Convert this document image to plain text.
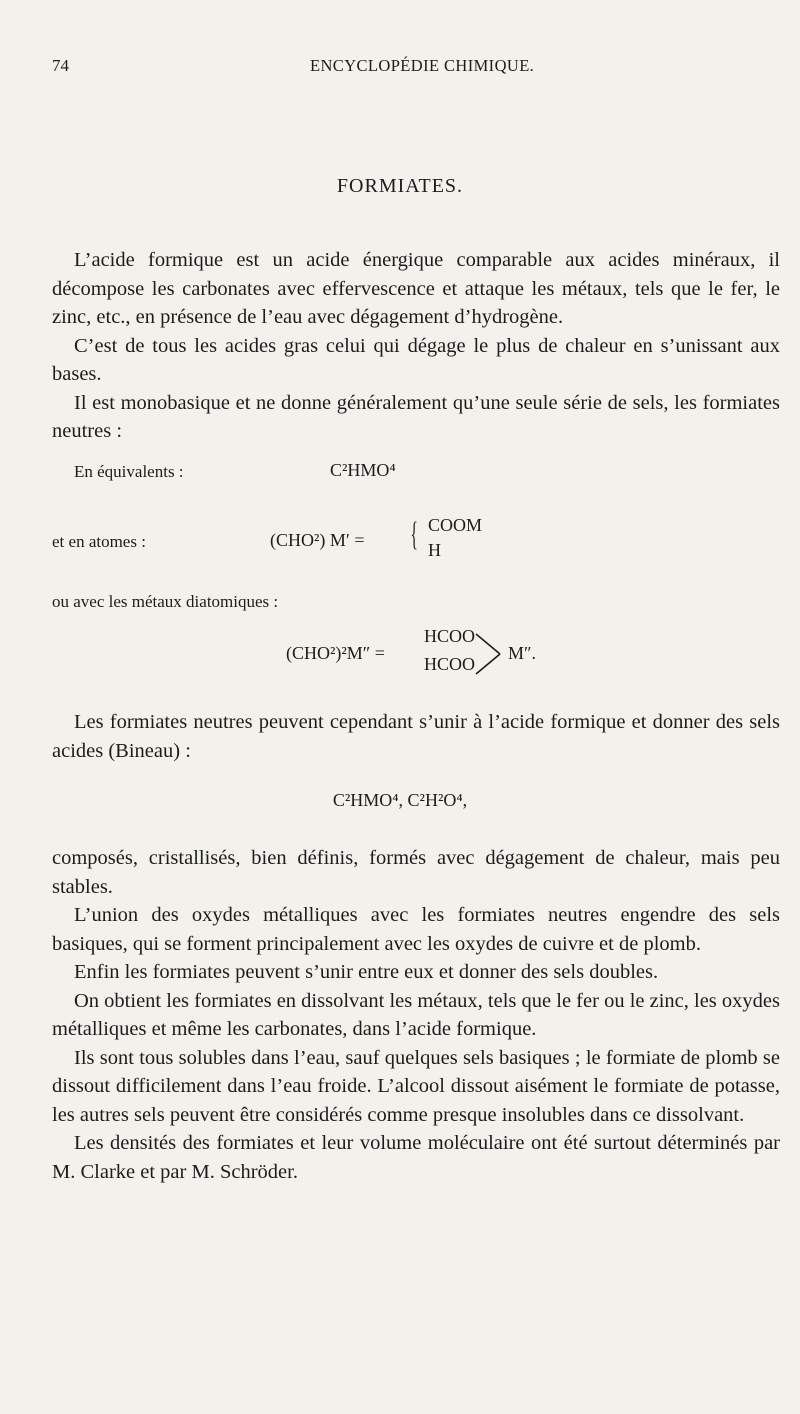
74	ENCYCLOPÉDIE CHIMIQUE.
FORMIATES.

L’acide formique est un acide énergique comparable aux acides minéraux, il décompose les carbonates avec effervescence et attaque les métaux, tels que le fer, le zinc, etc., en présence de l’eau avec dégagement d’hydrogène.

C’est de tous les acides gras celui qui dégage le plus de chaleur en s’unissant aux bases.

Il est monobasique et ne donne généralement qu’une seule série de sels, les formiates neutres :

En équivalents :	C²HMO⁴
et en atomes :	(CHO²) M′ = { COOM
H
ou avec les métaux diatomiques :
(CHO²)²M″ =
HCOO
HCOO
M″.

Les formiates neutres peuvent cependant s’unir à l’acide formique et donner des sels acides (Bineau) :

C²HMO⁴, C²H²O⁴,

composés, cristallisés, bien définis, formés avec dégagement de chaleur, mais peu stables.

L’union des oxydes métalliques avec les formiates neutres engendre des sels basiques, qui se forment principalement avec les oxydes de cuivre et de plomb.

Enfin les formiates peuvent s’unir entre eux et donner des sels doubles.

On obtient les formiates en dissolvant les métaux, tels que le fer ou le zinc, les oxydes métalliques et même les carbonates, dans l’acide formique.

Ils sont tous solubles dans l’eau, sauf quelques sels basiques ; le formiate de plomb se dissout difficilement dans l’eau froide. L’alcool dissout aisément le formiate de potasse, les autres sels peuvent être considérés comme presque insolubles dans ce dissolvant.

Les densités des formiates et leur volume moléculaire ont été surtout déterminés par M. Clarke et par M. Schröder.
